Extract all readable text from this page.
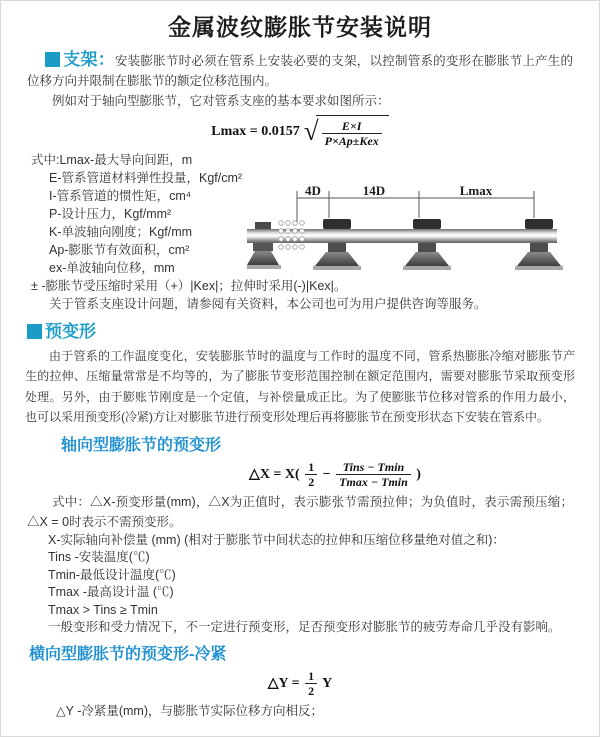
金属波纹膨胀节安装说明

支架：安装膨胀节时必须在管系上安装必要的支架，以控制管系的变形在膨胀节上产生的位移方向并限制在膨胀节的额定位移范围内。

例如对于轴向型膨胀节，它对管系支座的基本要求如图所示：

Lmax = 0.0157 √ $\frac{E\times I}{\text{P×Ap±Kex}}$
式中:Lmax-最大导向间距，m
E-管系管道材料弹性投量，Kgf/cm²
I-管系管道的惯性矩，cm⁴
P-设计压力，Kgf/mm²
K-单波轴向刚度；Kgf/mm
Ap-膨胀节有效面积，cm²
ex-单波轴向位移，mm
± -膨胀节受压缩时采用（+）|Kex|；拉伸时采用(-)|Kex|。

关于管系支座设计问题，请参阅有关资料，本公司也可为用户提供咨询等服务。

4D	14D	Lmax

预变形

由于管系的工作温度变化，安装膨胀节时的温度与工作时的温度不同，管系热膨胀冷缩对膨胀节产生的拉伸、压缩量常常是不均等的，为了膨胀节变形范围控制在额定范围内，需要对膨胀节采取预变形处理。另外，由于膨账节刚度是一个定值，与补偿量成正比。为了使膨胀节位移对管系的作用力最小，也可以采用预变形(冷紧)方让对膨胀节进行预变形处理后再将膨胀节在预变形状态下安装在管系中。

轴向型膨胀节的预变形
△X = $X( \frac{1}{2} - \frac{\text{Tins − Tmin}}{Tmax - Tmin}$ )

式中：△X-预变形量(mm)，△X为正值时，表示膨张节需预拉伸；为负值时，表示需预压缩；△X = 0时表示不需预变形。

X-实际轴向补偿量 (mm) (相对于膨胀节中间状态的拉伸和压缩位移量绝对值之和)：
Tins -安装温度(℃)
Tmin-最低设计温度(℃)
Tmax -最高设计温 (℃)
Tmax > Tins ≥ Tmin
一般变形和受力情况下，不一定进行预变形，足否预变形对膨胀节的疲劳寿命几乎没有影响。
横向型膨胀节的预变形-冷紧
△Y = $\frac{1}{2}$ Y

△Y -冷紧量(mm)，与膨胀节实际位移方向相反；
